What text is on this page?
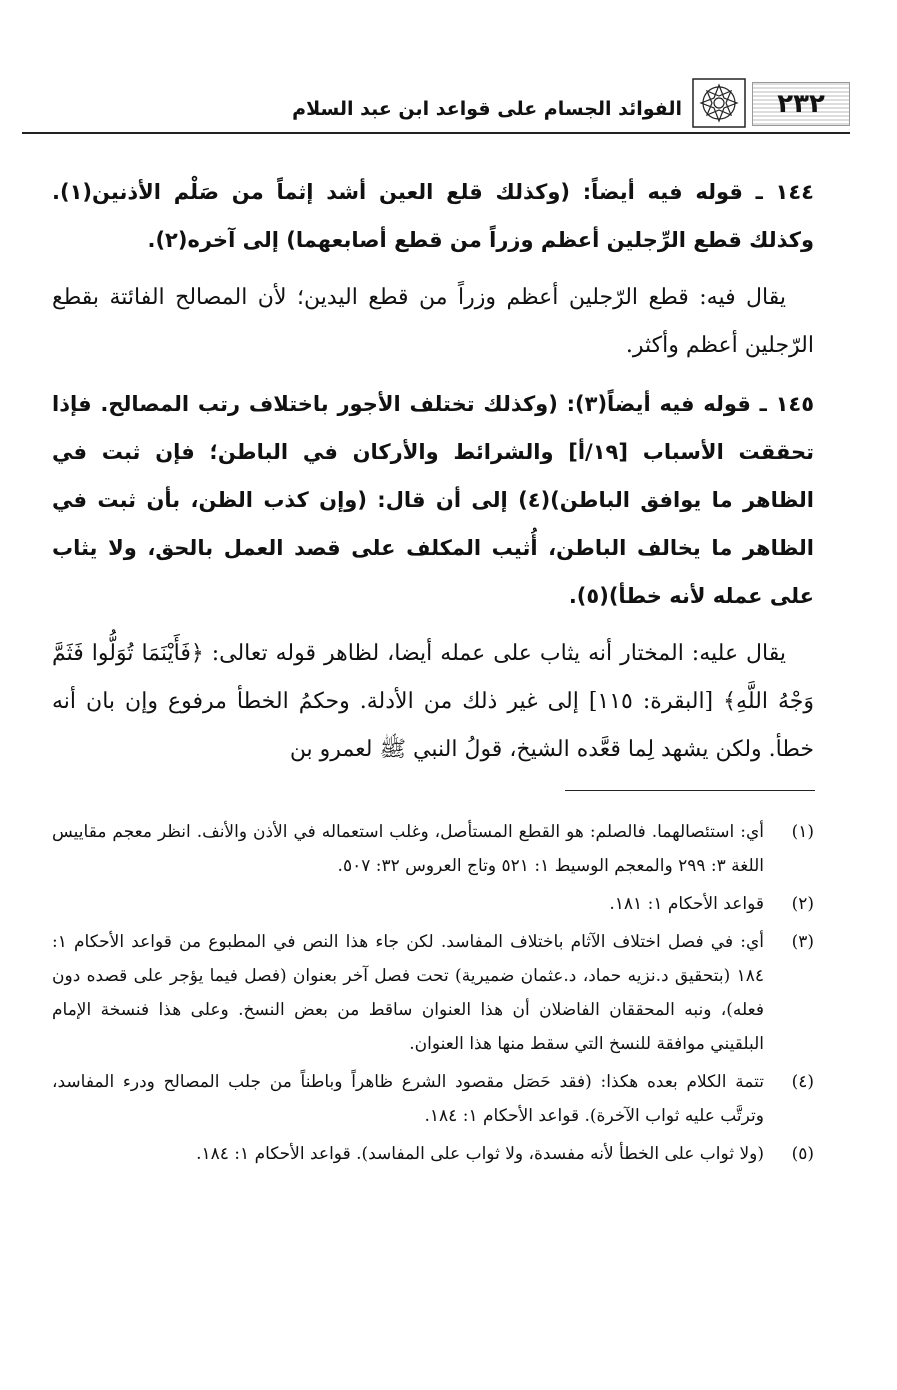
٢٣٢
الفوائد الجسام على قواعد ابن عبد السلام

١٤٤ ـ قوله فيه أيضاً: (وكذلك قلع العين أشد إثماً من صَلْم الأذنين(١). وكذلك قطع الرِّجلين أعظم وزراً من قطع أصابعهما) إلى آخره(٢).

يقال فيه: قطع الرّجلين أعظم وزراً من قطع اليدين؛ لأن المصالح الفائتة بقطع الرّجلين أعظم وأكثر.

١٤٥ ـ قوله فيه أيضاً(٣): (وكذلك تختلف الأجور باختلاف رتب المصالح. فإذا تحققت الأسباب [١٩/أ] والشرائط والأركان في الباطن؛ فإن ثبت في الظاهر ما يوافق الباطن)(٤) إلى أن قال: (وإن كذب الظن، بأن ثبت في الظاهر ما يخالف الباطن، أُثيب المكلف على قصد العمل بالحق، ولا يثاب على عمله لأنه خطأ)(٥).

يقال عليه: المختار أنه يثاب على عمله أيضا، لظاهر قوله تعالى: ﴿فَأَيْنَمَا تُوَلُّوا فَثَمَّ وَجْهُ اللَّهِ﴾ [البقرة: ١١٥] إلى غير ذلك من الأدلة. وحكمُ الخطأ مرفوع وإن بان أنه خطأ. ولكن يشهد لِما قعَّده الشيخ، قولُ النبي ﷺ لعمرو بن

(١)
أي: استئصالهما. فالصلم: هو القطع المستأصل، وغلب استعماله في الأذن والأنف. انظر معجم مقاييس اللغة ٣: ٢٩٩ والمعجم الوسيط ١: ٥٢١ وتاج العروس ٣٢: ٥٠٧.
(٢)
قواعد الأحكام ١: ١٨١.
(٣)
أي: في فصل اختلاف الآثام باختلاف المفاسد. لكن جاء هذا النص في المطبوع من قواعد الأحكام ١: ١٨٤ (بتحقيق د.نزيه حماد، د.عثمان ضميرية) تحت فصل آخر بعنوان (فصل فيما يؤجر على قصده دون فعله)، ونبه المحققان الفاضلان أن هذا العنوان ساقط من بعض النسخ. وعلى هذا فنسخة الإمام البلقيني موافقة للنسخ التي سقط منها هذا العنوان.
(٤)
تتمة الكلام بعده هكذا: (فقد حَصَل مقصود الشرع ظاهراً وباطناً من جلب المصالح ودرء المفاسد، وترتَّب عليه ثواب الآخرة). قواعد الأحكام ١: ١٨٤.
(٥)
(ولا ثواب على الخطأ لأنه مفسدة، ولا ثواب على المفاسد). قواعد الأحكام ١: ١٨٤.
